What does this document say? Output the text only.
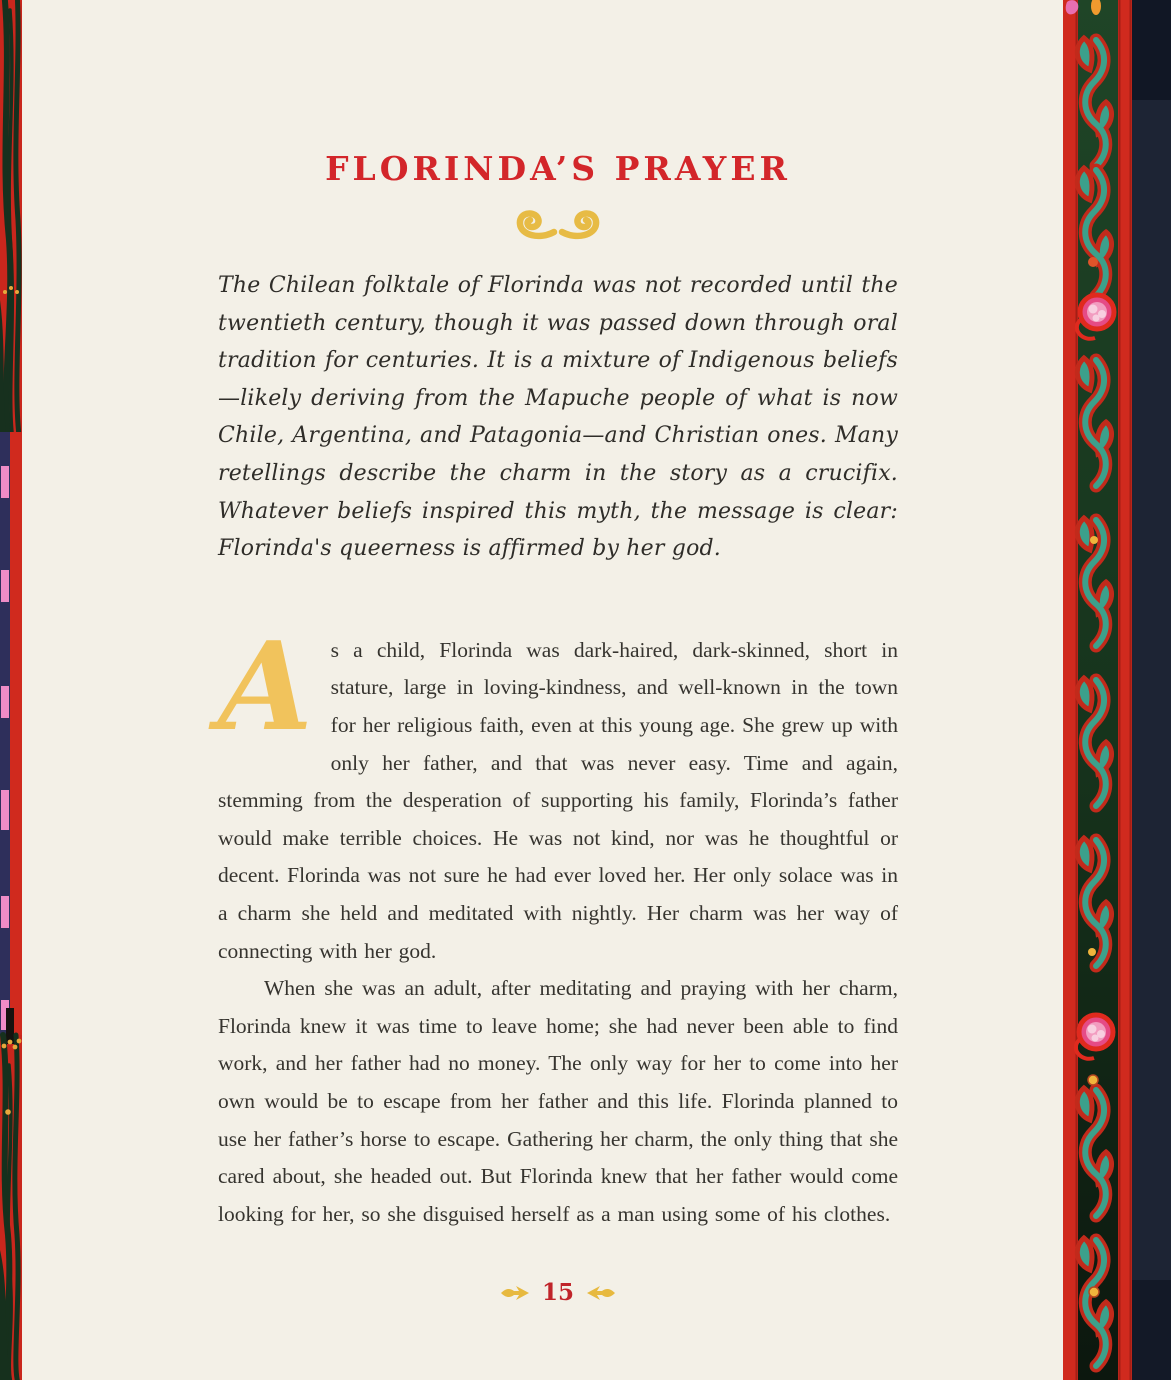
FLORINDA’S PRAYER

The Chilean folktale of Florinda was not recorded until the twentieth century, though it was passed down through oral tradition for centuries. It is a mixture of Indigenous beliefs—likely deriving from the Mapuche people of what is now Chile, Argentina, and Patagonia—and Christian ones. Many retellings describe the charm in the story as a crucifix. Whatever beliefs inspired this myth, the message is clear: Florinda's queerness is affirmed by her god.

As a child, Florinda was dark-haired, dark-skinned, short in stature, large in loving-kindness, and well-known in the town for her religious faith, even at this young age. She grew up with only her father, and that was never easy. Time and again, stemming from the desperation of supporting his family, Florinda’s father would make terrible choices. He was not kind, nor was he thoughtful or decent. Florinda was not sure he had ever loved her. Her only solace was in a charm she held and meditated with nightly. Her charm was her way of connecting with her god.

When she was an adult, after meditating and praying with her charm, Florinda knew it was time to leave home; she had never been able to find work, and her father had no money. The only way for her to come into her own would be to escape from her father and this life. Florinda planned to use her father’s horse to escape. Gathering her charm, the only thing that she cared about, she headed out. But Florinda knew that her father would come looking for her, so she disguised herself as a man using some of his clothes.

15
